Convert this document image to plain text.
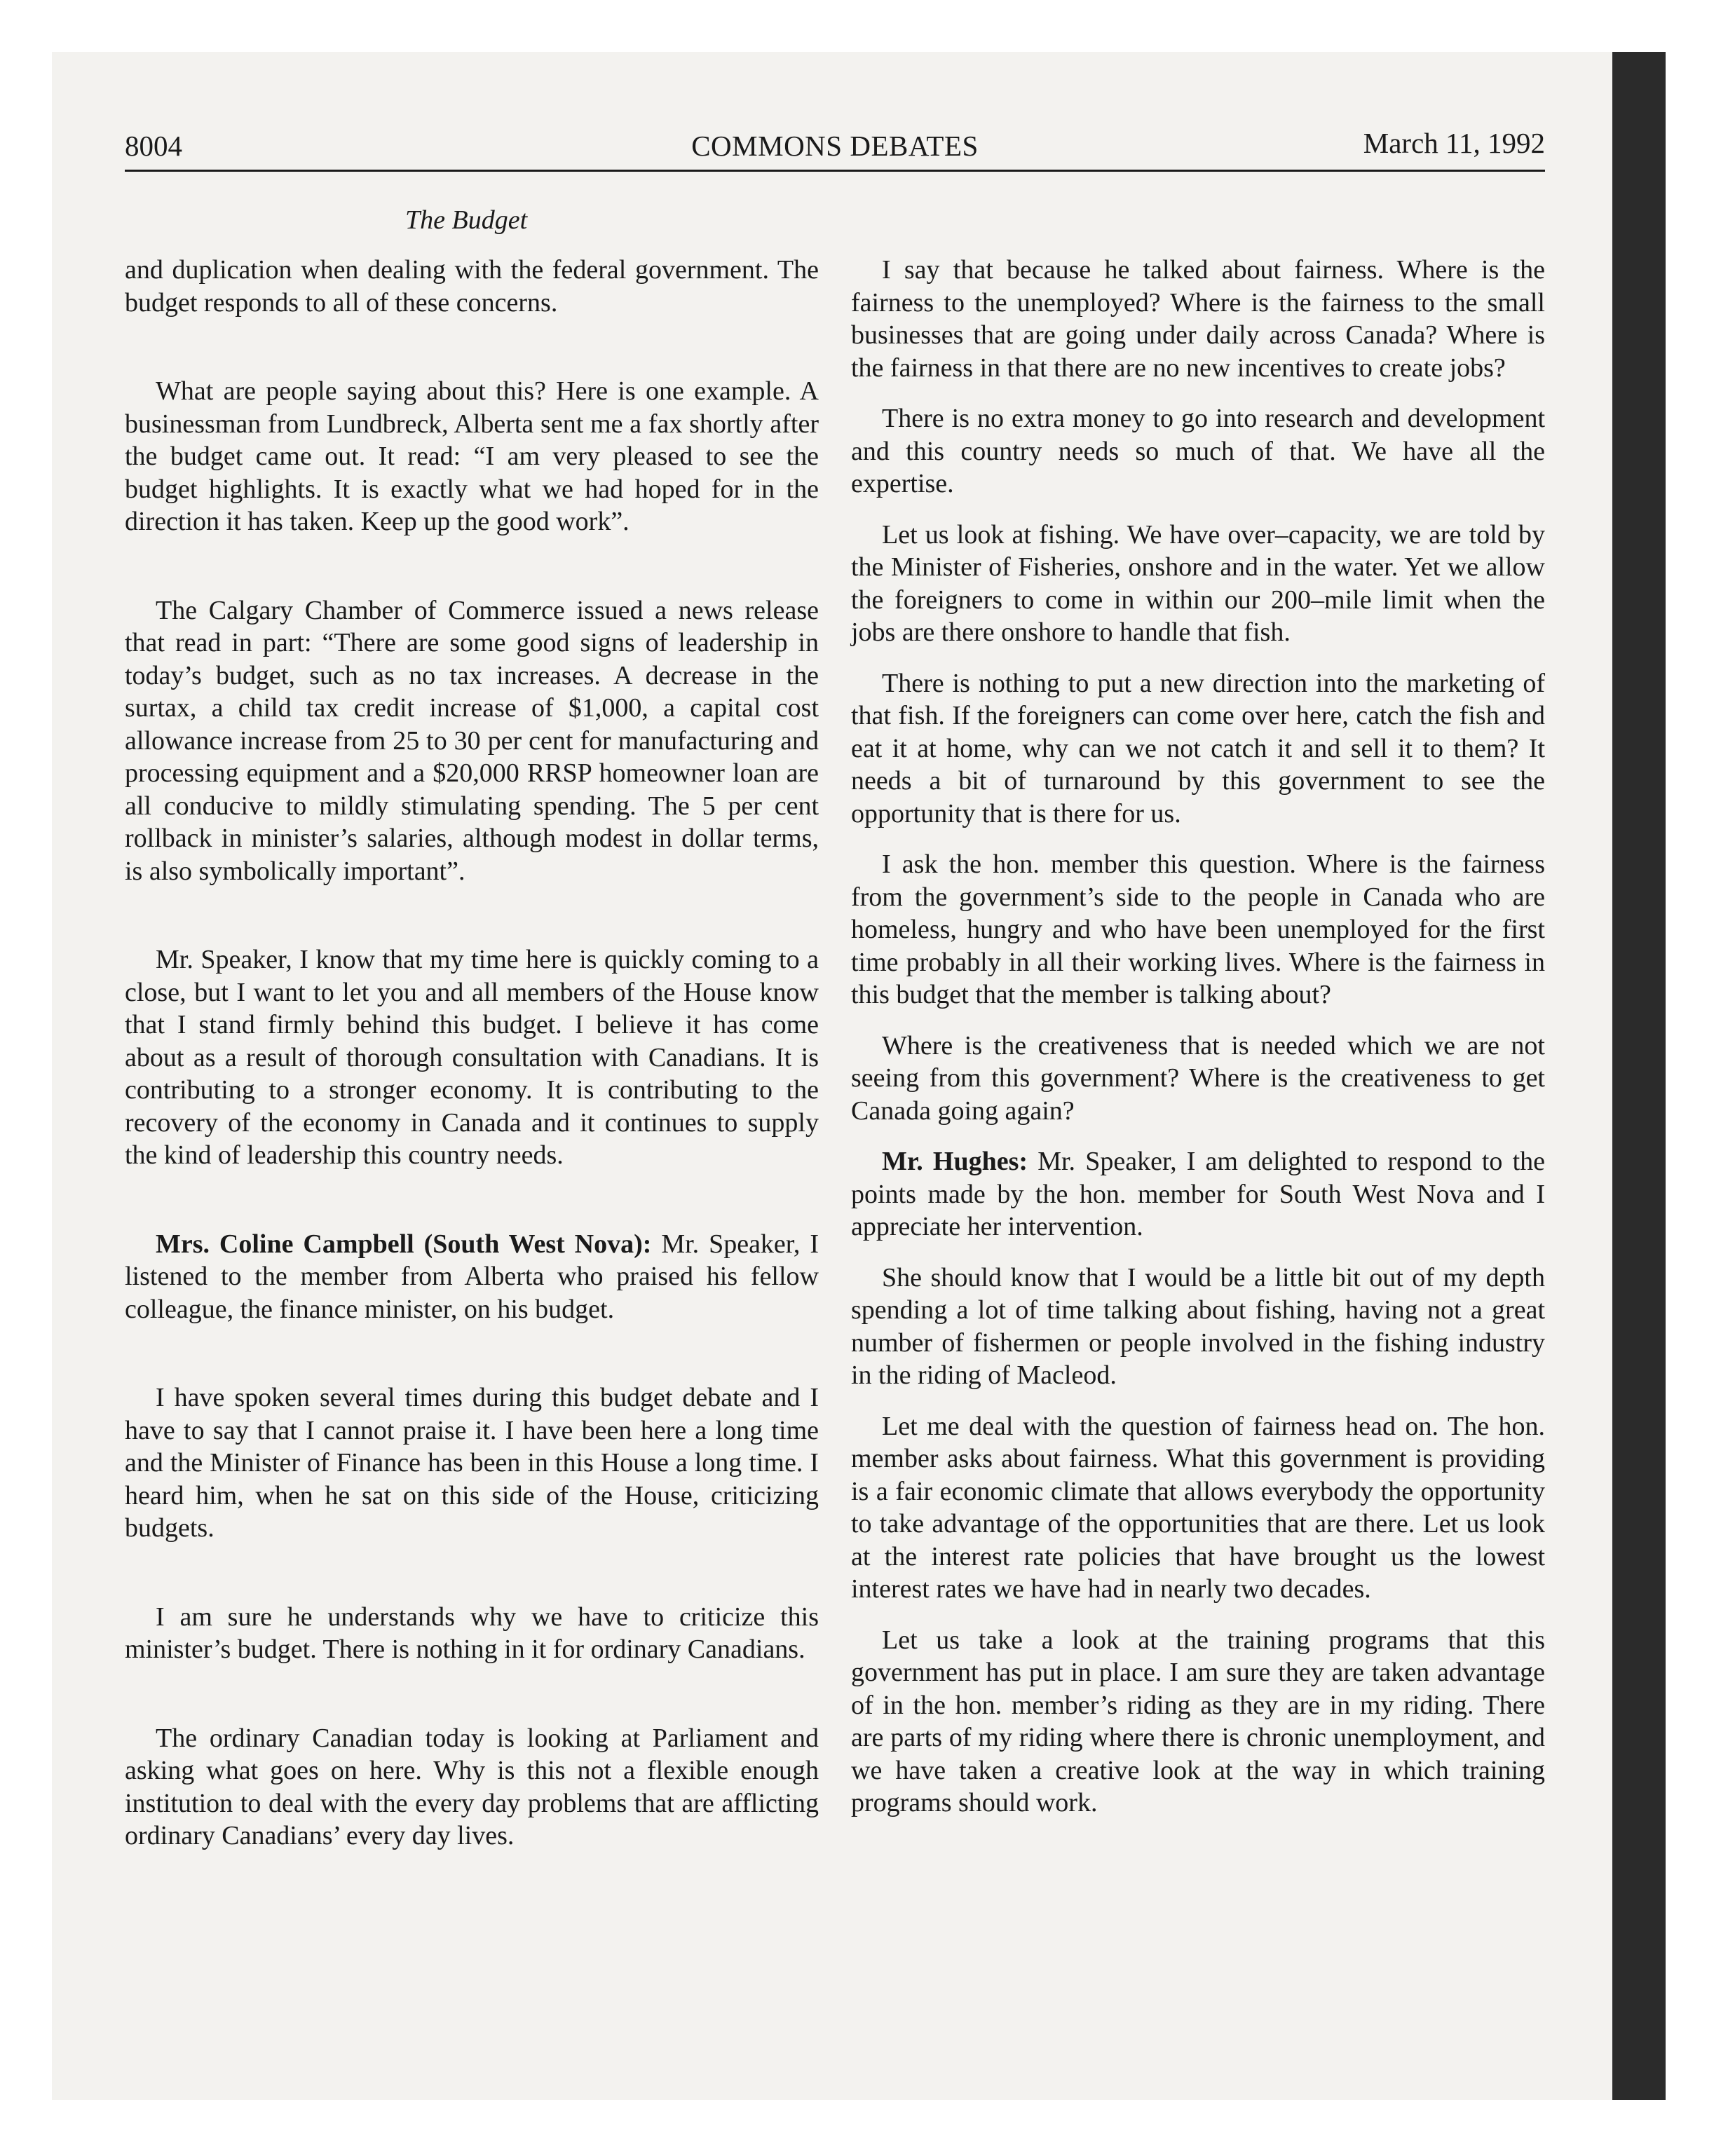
8004	COMMONS DEBATES	March 11, 1992
The Budget

and duplication when dealing with the federal government. The budget responds to all of these concerns.

What are people saying about this? Here is one example. A businessman from Lundbreck, Alberta sent me a fax shortly after the budget came out. It read: “I am very pleased to see the budget highlights. It is exactly what we had hoped for in the direction it has taken. Keep up the good work”.

The Calgary Chamber of Commerce issued a news release that read in part: “There are some good signs of leadership in today’s budget, such as no tax increases. A decrease in the surtax, a child tax credit increase of $1,000, a capital cost allowance increase from 25 to 30 per cent for manufacturing and processing equipment and a $20,000 RRSP homeowner loan are all conducive to mildly stimulating spending. The 5 per cent rollback in minister’s salaries, although modest in dollar terms, is also symbolically important”.

Mr. Speaker, I know that my time here is quickly coming to a close, but I want to let you and all members of the House know that I stand firmly behind this budget. I believe it has come about as a result of thorough consultation with Canadians. It is contributing to a stronger economy. It is contributing to the recovery of the economy in Canada and it continues to supply the kind of leadership this country needs.

Mrs. Coline Campbell (South West Nova): Mr. Speaker, I listened to the member from Alberta who praised his fellow colleague, the finance minister, on his budget.

I have spoken several times during this budget debate and I have to say that I cannot praise it. I have been here a long time and the Minister of Finance has been in this House a long time. I heard him, when he sat on this side of the House, criticizing budgets.

I am sure he understands why we have to criticize this minister’s budget. There is nothing in it for ordinary Canadians.

The ordinary Canadian today is looking at Parliament and asking what goes on here. Why is this not a flexible enough institution to deal with the every day problems that are afflicting ordinary Canadians’ every day lives.

I say that because he talked about fairness. Where is the fairness to the unemployed? Where is the fairness to the small businesses that are going under daily across Canada? Where is the fairness in that there are no new incentives to create jobs?

There is no extra money to go into research and development and this country needs so much of that. We have all the expertise.

Let us look at fishing. We have over–capacity, we are told by the Minister of Fisheries, onshore and in the water. Yet we allow the foreigners to come in within our 200–mile limit when the jobs are there onshore to handle that fish.

There is nothing to put a new direction into the marketing of that fish. If the foreigners can come over here, catch the fish and eat it at home, why can we not catch it and sell it to them? It needs a bit of turnaround by this government to see the opportunity that is there for us.

I ask the hon. member this question. Where is the fairness from the government’s side to the people in Canada who are homeless, hungry and who have been unemployed for the first time probably in all their working lives. Where is the fairness in this budget that the member is talking about?

Where is the creativeness that is needed which we are not seeing from this government? Where is the creativeness to get Canada going again?

Mr. Hughes: Mr. Speaker, I am delighted to respond to the points made by the hon. member for South West Nova and I appreciate her intervention.

She should know that I would be a little bit out of my depth spending a lot of time talking about fishing, having not a great number of fishermen or people involved in the fishing industry in the riding of Macleod.

Let me deal with the question of fairness head on. The hon. member asks about fairness. What this government is providing is a fair economic climate that allows everybody the opportunity to take advantage of the opportunities that are there. Let us look at the interest rate policies that have brought us the lowest interest rates we have had in nearly two decades.

Let us take a look at the training programs that this government has put in place. I am sure they are taken advantage of in the hon. member’s riding as they are in my riding. There are parts of my riding where there is chronic unemployment, and we have taken a creative look at the way in which training programs should work.
